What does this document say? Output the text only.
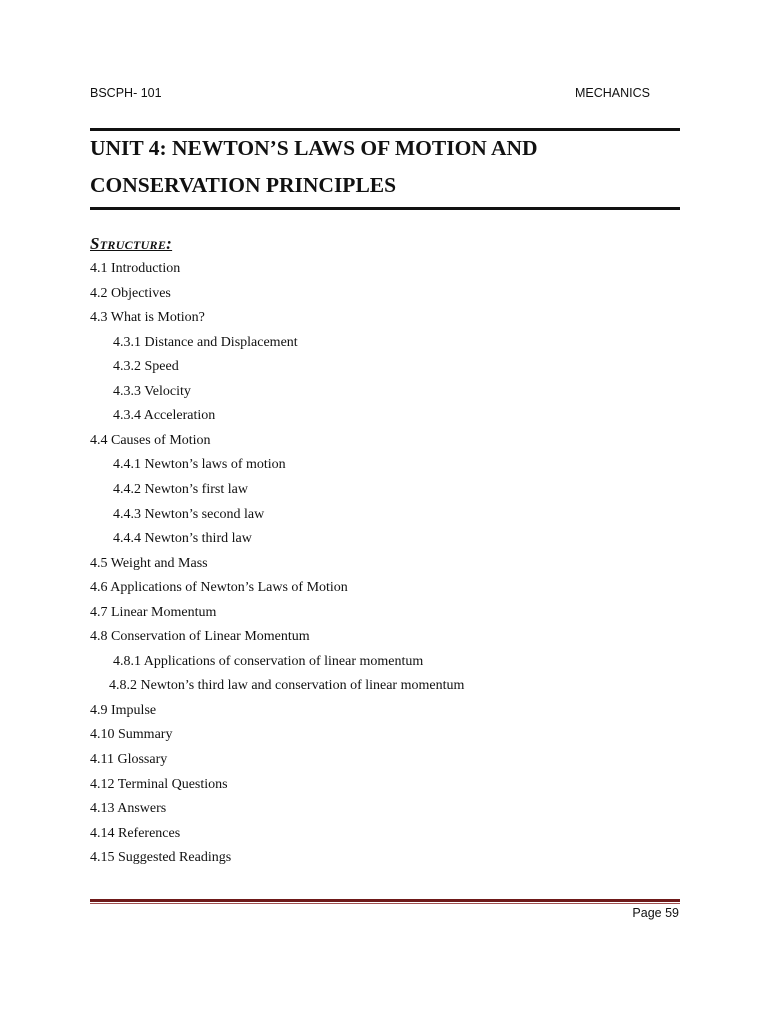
BSCPH- 101	MECHANICS
UNIT 4: NEWTON’S LAWS OF MOTION AND
CONSERVATION PRINCIPLES
Structure:
4.1 Introduction
4.2 Objectives
4.3 What is Motion?
4.3.1 Distance and Displacement
4.3.2 Speed
4.3.3 Velocity
4.3.4 Acceleration
4.4 Causes of Motion
4.4.1 Newton’s laws of motion
4.4.2 Newton’s first law
4.4.3 Newton’s second law
4.4.4 Newton’s third law
4.5 Weight and Mass
4.6 Applications of Newton’s Laws of Motion
4.7 Linear Momentum
4.8 Conservation of Linear Momentum
4.8.1 Applications of conservation of linear momentum
4.8.2 Newton’s third law and conservation of linear momentum
4.9 Impulse
4.10 Summary
4.11 Glossary
4.12 Terminal Questions
4.13 Answers
4.14 References
4.15 Suggested Readings
Page 59
